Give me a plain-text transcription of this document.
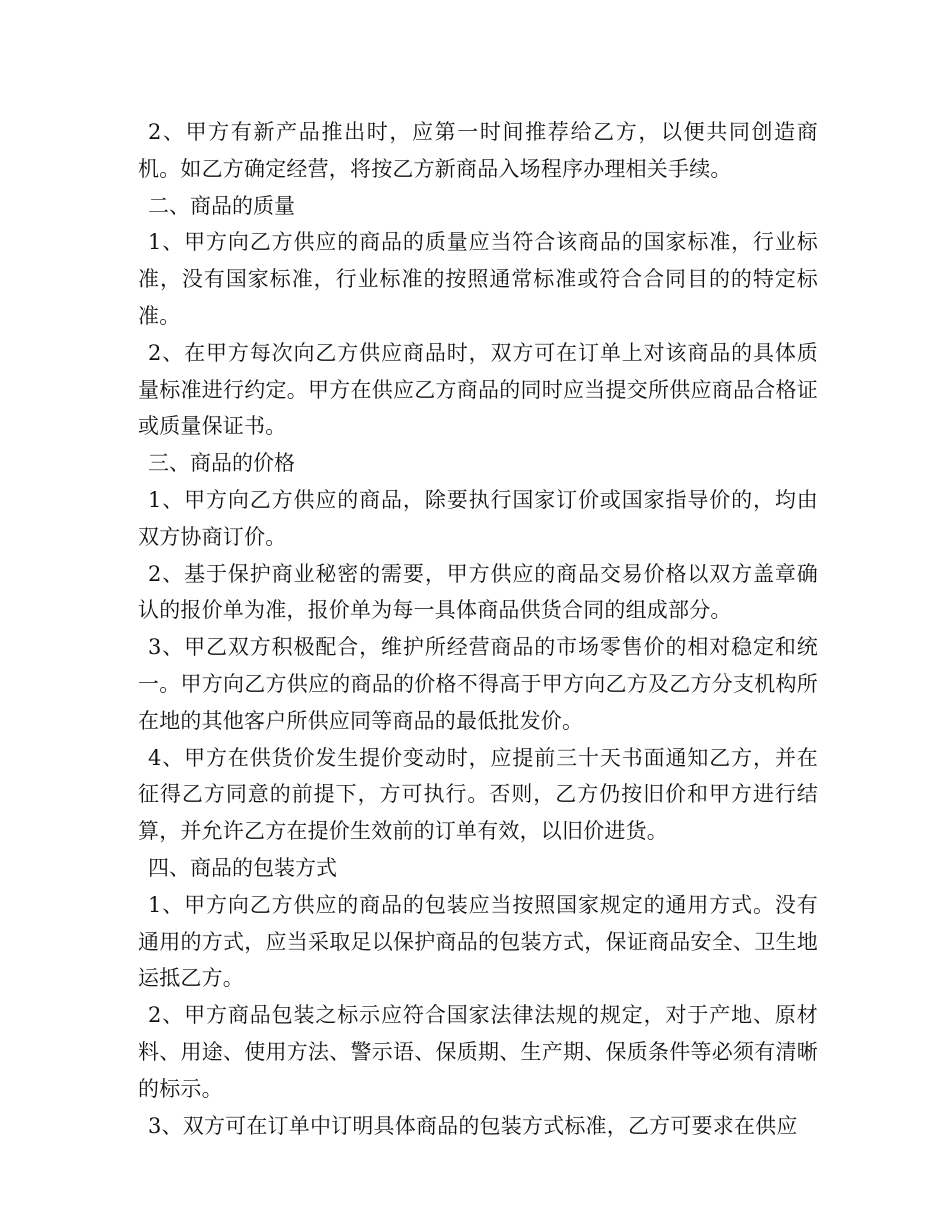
2、甲方有新产品推出时，应第一时间推荐给乙方，以便共同创造商机。如乙方确定经营，将按乙方新商品入场程序办理相关手续。

二、商品的质量

1、甲方向乙方供应的商品的质量应当符合该商品的国家标准，行业标准，没有国家标准，行业标准的按照通常标准或符合合同目的的特定标准。

2、在甲方每次向乙方供应商品时，双方可在订单上对该商品的具体质量标准进行约定。甲方在供应乙方商品的同时应当提交所供应商品合格证或质量保证书。

三、商品的价格

1、甲方向乙方供应的商品，除要执行国家订价或国家指导价的，均由双方协商订价。

2、基于保护商业秘密的需要，甲方供应的商品交易价格以双方盖章确认的报价单为准，报价单为每一具体商品供货合同的组成部分。

3、甲乙双方积极配合，维护所经营商品的市场零售价的相对稳定和统一。甲方向乙方供应的商品的价格不得高于甲方向乙方及乙方分支机构所在地的其他客户所供应同等商品的最低批发价。

4、甲方在供货价发生提价变动时，应提前三十天书面通知乙方，并在征得乙方同意的前提下，方可执行。否则，乙方仍按旧价和甲方进行结算，并允许乙方在提价生效前的订单有效，以旧价进货。

四、商品的包装方式

1、甲方向乙方供应的商品的包装应当按照国家规定的通用方式。没有通用的方式，应当采取足以保护商品的包装方式，保证商品安全、卫生地运抵乙方。

2、甲方商品包装之标示应符合国家法律法规的规定，对于产地、原材料、用途、使用方法、警示语、保质期、生产期、保质条件等必须有清晰的标示。

3、双方可在订单中订明具体商品的包装方式标准，乙方可要求在供应
